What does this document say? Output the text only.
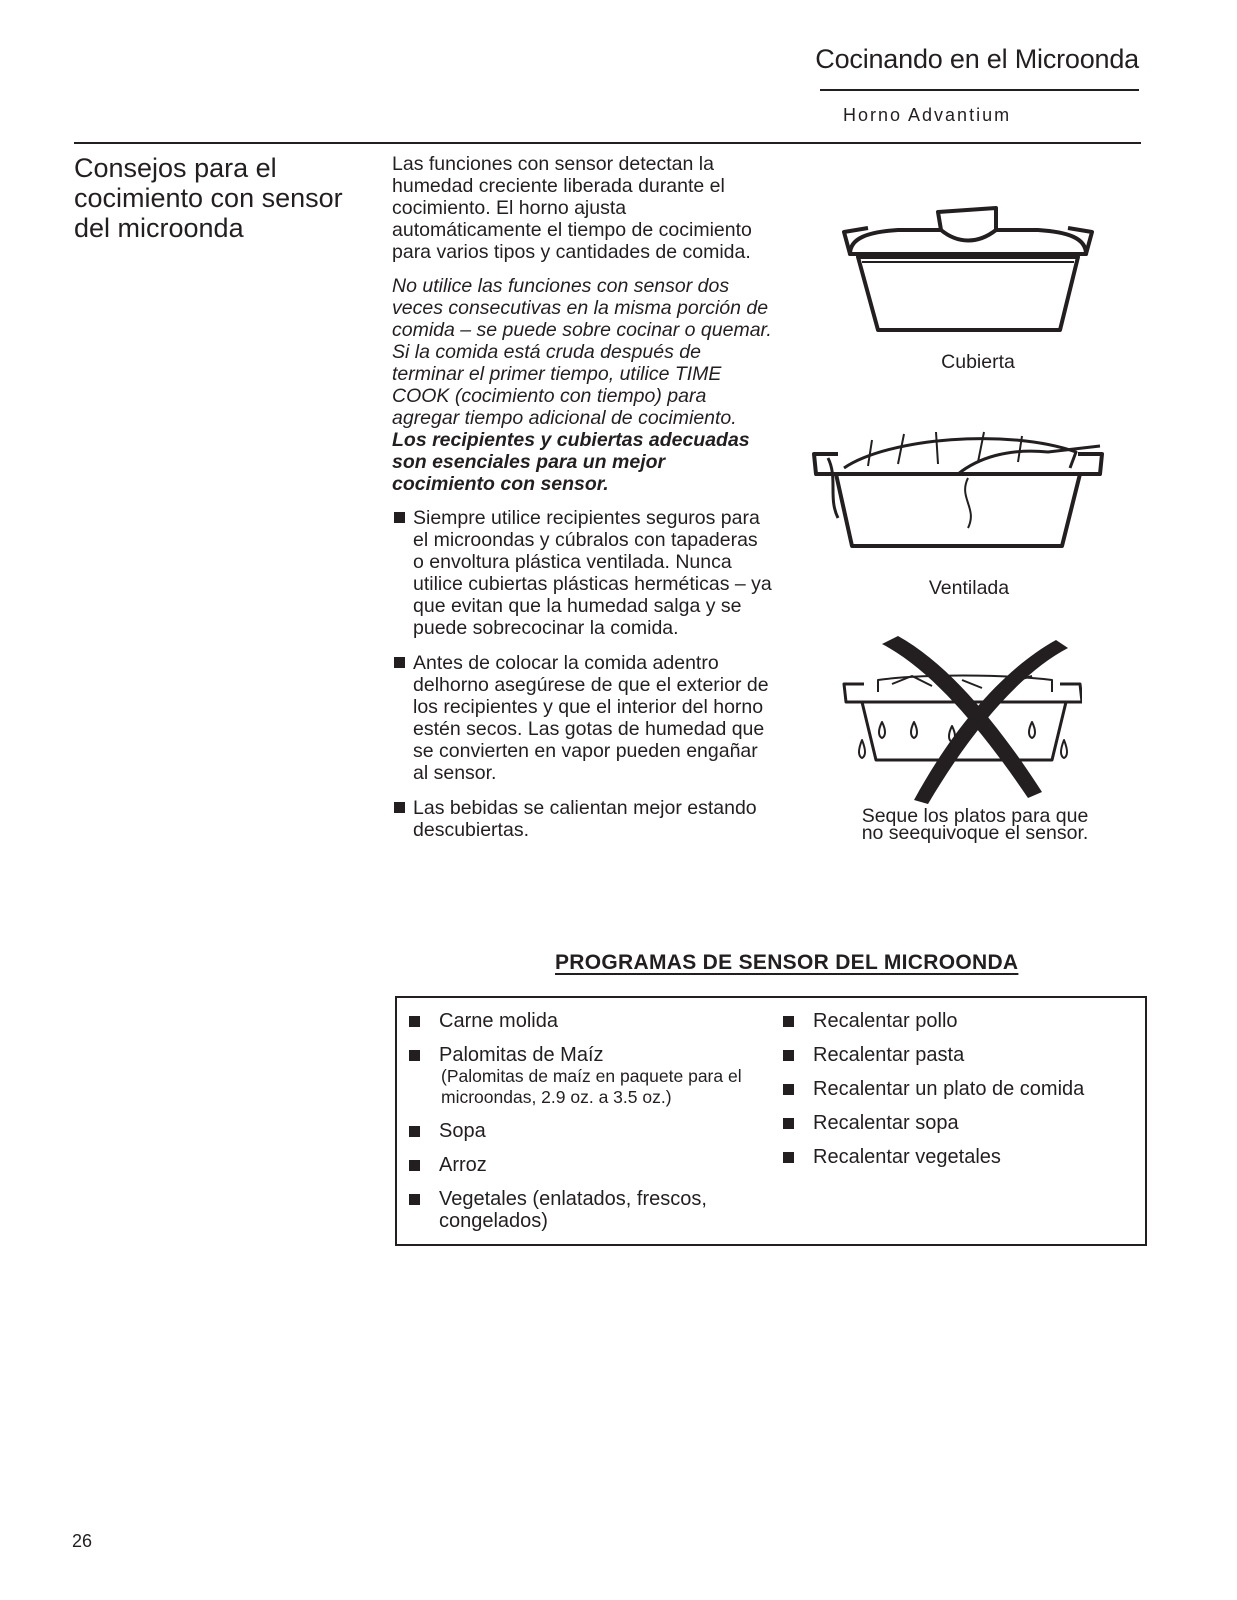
Cocinando en el Microonda
Horno Advantium
Consejos para el cocimiento con sensor del microonda

Las funciones con sensor detectan la humedad creciente liberada durante el cocimiento. El horno ajusta automáticamente el tiempo de cocimiento para varios tipos y cantidades de comida.

No utilice las funciones con sensor dos veces consecutivas en la misma porción de comida – se puede sobre cocinar o quemar. Si la comida está cruda después de terminar el primer tiempo, utilice TIME COOK (cocimiento con tiempo) para agregar tiempo adicional de cocimiento.
Los recipientes y cubiertas adecuadas son esenciales para un mejor cocimiento con sensor.

Siempre utilice recipientes seguros para el microondas y cúbralos con tapaderas o envoltura plástica ventilada. Nunca utilice cubiertas plásticas herméticas – ya que evitan que la humedad salga y se puede sobrecocinar la comida.
Antes de colocar la comida adentro delhorno asegúrese de que el exterior de los recipientes y que el interior del horno estén secos. Las gotas de humedad que se convierten en vapor pueden engañar al sensor.
Las bebidas se calientan mejor estando descubiertas.
Cubierta
Ventilada
Seque los platos para que
no seequivoque el sensor.
PROGRAMAS DE SENSOR DEL MICROONDA
Carne molida
Palomitas de Maíz
(Palomitas de maíz en paquete para el microondas, 2.9 oz. a 3.5 oz.)
Sopa
Arroz
Vegetales (enlatados, frescos, congelados)
Recalentar pollo
Recalentar pasta
Recalentar un plato de comida
Recalentar sopa
Recalentar vegetales
26
